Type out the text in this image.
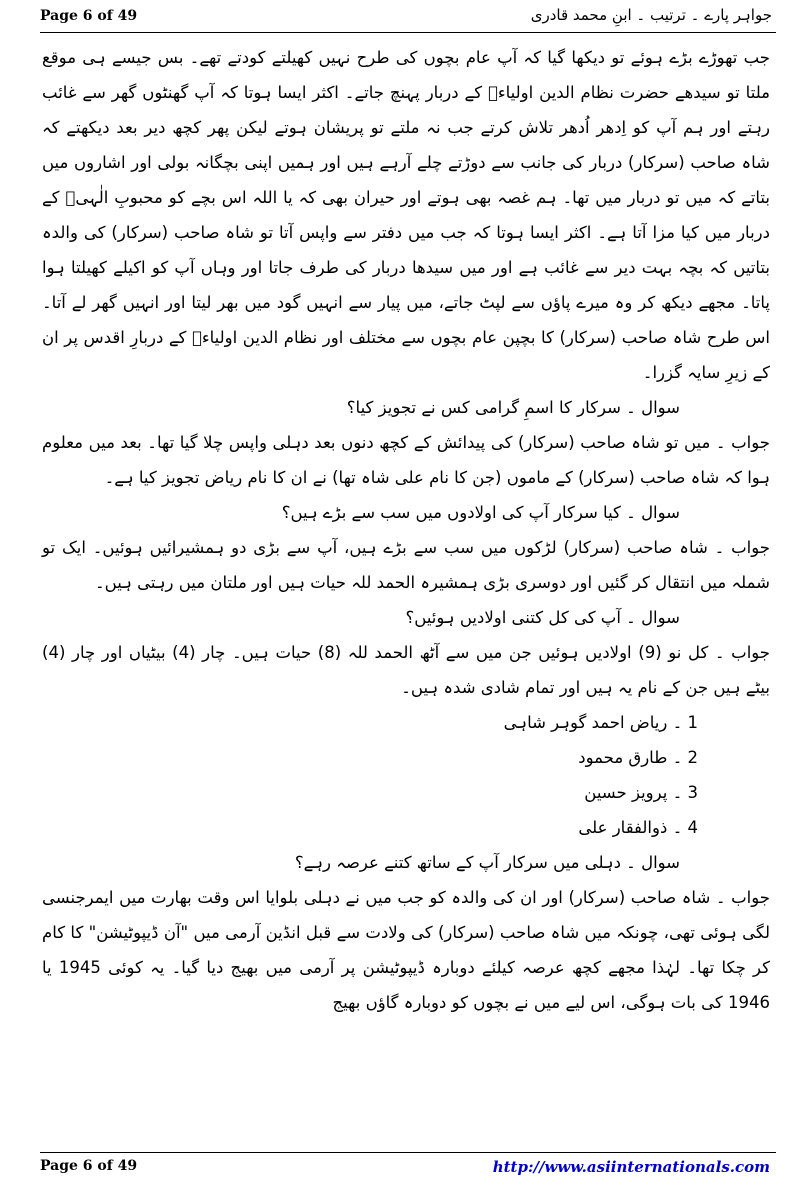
Page 6 of 49	جواہر پارے ۔ ترتیب ۔ ابنِ محمد قادری

جب تھوڑے بڑے ہوئے تو دیکھا گیا کہ آپ عام بچوں کی طرح نہیں کھیلتے کودتے تھے۔ بس جیسے ہی موقع ملتا تو سیدھے حضرت نظام الدین اولیاءؒ کے دربار پہنچ جاتے۔ اکثر ایسا ہوتا کہ آپ گھنٹوں گھر سے غائب رہتے اور ہم آپ کو اِدھر اُدھر تلاش کرتے جب نہ ملتے تو پریشان ہوتے لیکن پھر کچھ دیر بعد دیکھتے کہ شاہ صاحب (سرکار) دربار کی جانب سے دوڑتے چلے آرہے ہیں اور ہمیں اپنی بچگانہ بولی اور اشاروں میں بتاتے کہ میں تو دربار میں تھا۔ ہم غصہ بھی ہوتے اور حیران بھی کہ یا اللہ اس بچے کو محبوبِ الٰہیؒ کے دربار میں کیا مزا آتا ہے۔ اکثر ایسا ہوتا کہ جب میں دفتر سے واپس آتا تو شاہ صاحب (سرکار) کی والدہ بتاتیں کہ بچہ بہت دیر سے غائب ہے اور میں سیدھا دربار کی طرف جاتا اور وہاں آپ کو اکیلے کھیلتا ہوا پاتا۔ مجھے دیکھ کر وہ میرے پاؤں سے لپٹ جاتے، میں پیار سے انہیں گود میں بھر لیتا اور انہیں گھر لے آتا۔ اس طرح شاہ صاحب (سرکار) کا بچپن عام بچوں سے مختلف اور نظام الدین اولیاءؒ کے دربارِ اقدس پر ان کے زیرِ سایہ گزرا۔

سوال ۔ سرکار کا اسمِ گرامی کس نے تجویز کیا؟

جواب ۔ میں تو شاہ صاحب (سرکار) کی پیدائش کے کچھ دنوں بعد دہلی واپس چلا گیا تھا۔ بعد میں معلوم ہوا کہ شاہ صاحب (سرکار) کے ماموں (جن کا نام علی شاہ تھا) نے ان کا نام ریاض تجویز کیا ہے۔

سوال ۔ کیا سرکار آپ کی اولادوں میں سب سے بڑے ہیں؟

جواب ۔ شاہ صاحب (سرکار) لڑکوں میں سب سے بڑے ہیں، آپ سے بڑی دو ہمشیرائیں ہوئیں۔ ایک تو شملہ میں انتقال کر گئیں اور دوسری بڑی ہمشیرہ الحمد للہ حیات ہیں اور ملتان میں رہتی ہیں۔

سوال ۔ آپ کی کل کتنی اولادیں ہوئیں؟

جواب ۔ کل نو (9) اولادیں ہوئیں جن میں سے آٹھ الحمد للہ (8) حیات ہیں۔ چار (4) بیٹیاں اور چار (4) بیٹے ہیں جن کے نام یہ ہیں اور تمام شادی شدہ ہیں۔

1 ۔ ریاض احمد گوہر شاہی

2 ۔ طارق محمود

3 ۔ پرویز حسین

4 ۔ ذوالفقار علی

سوال ۔ دہلی میں سرکار آپ کے ساتھ کتنے عرصہ رہے؟

جواب ۔ شاہ صاحب (سرکار) اور ان کی والدہ کو جب میں نے دہلی بلوایا اس وقت بھارت میں ایمرجنسی لگی ہوئی تھی، چونکہ میں شاہ صاحب (سرکار) کی ولادت سے قبل انڈین آرمی میں "آن ڈیپوٹیشن" کا کام کر چکا تھا۔ لہٰذا مجھے کچھ عرصہ کیلئے دوبارہ ڈیپوٹیشن پر آرمی میں بھیج دیا گیا۔ یہ کوئی 1945 یا 1946 کی بات ہوگی، اس لیے میں نے بچوں کو دوبارہ گاؤں بھیج

Page 6 of 49	http://www.asiinternationals.com
